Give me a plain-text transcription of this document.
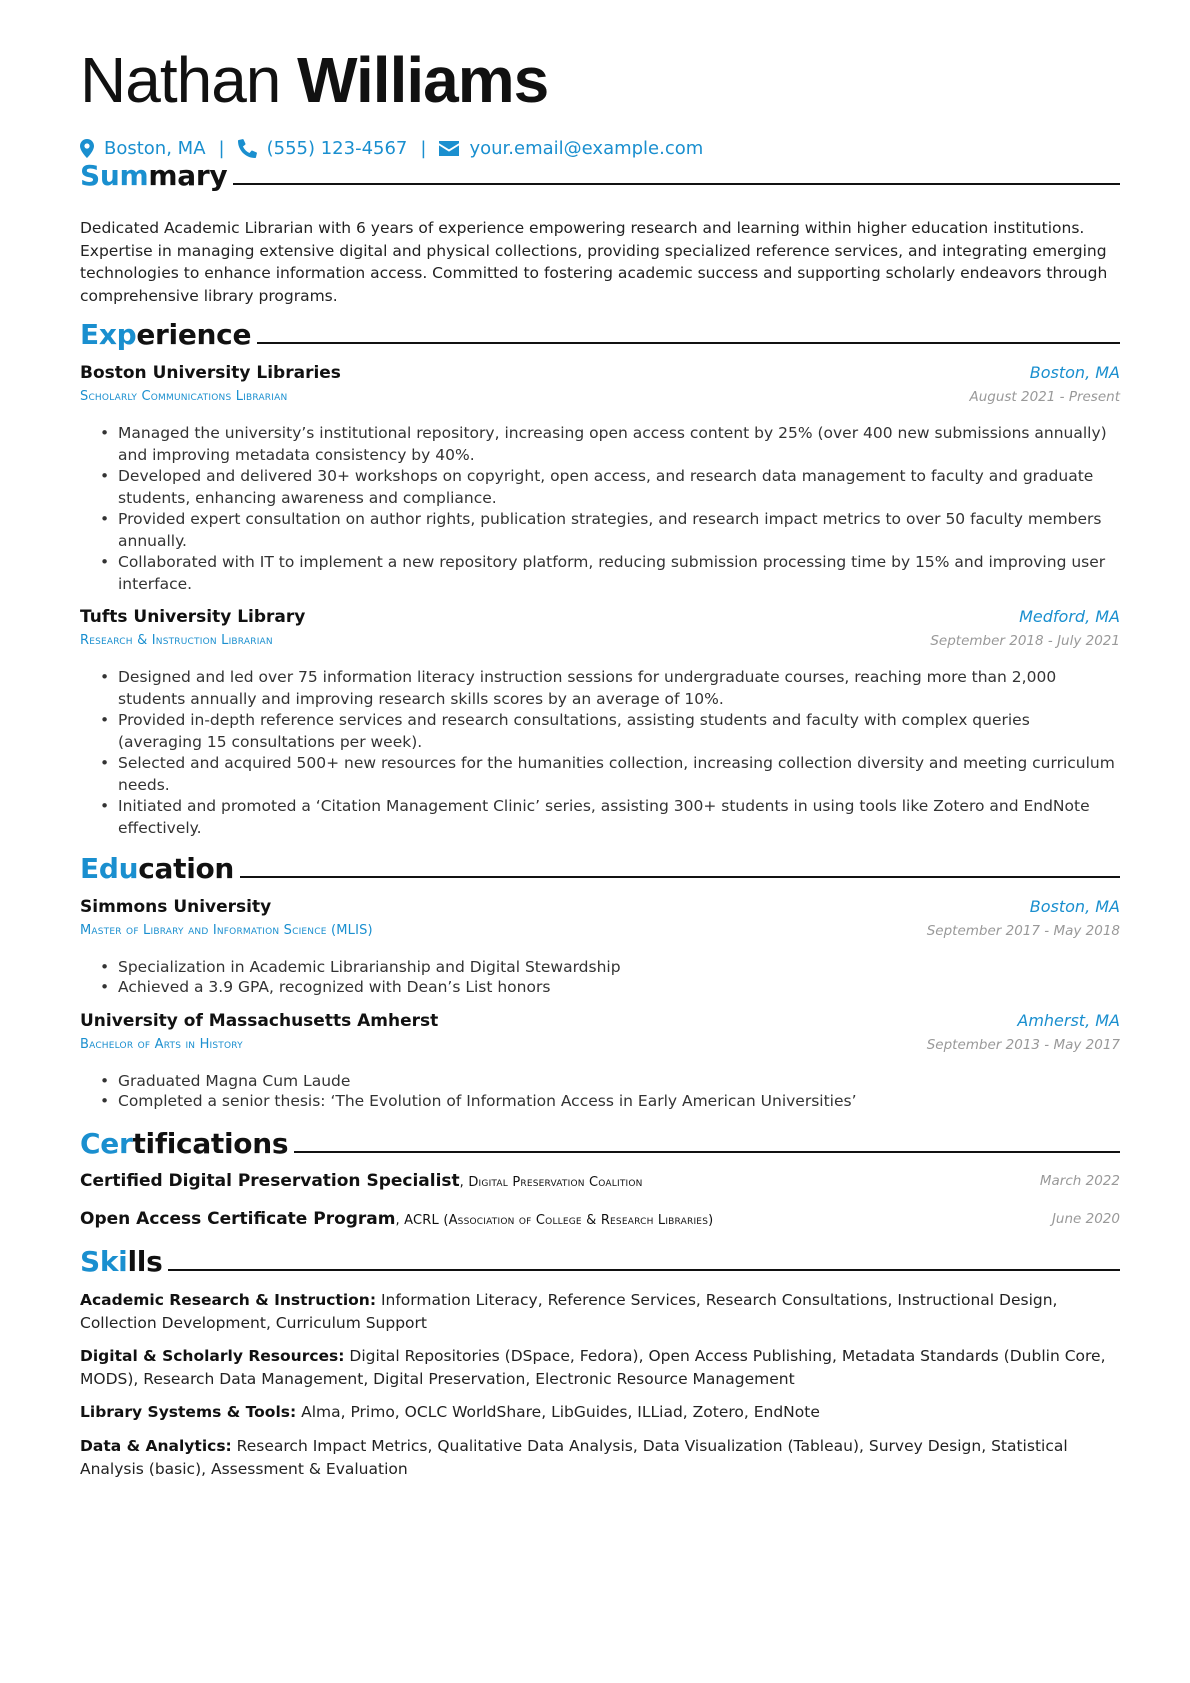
Nathan Williams
Boston, MA | (555) 123-4567 | your.email@example.com
Summary

Dedicated Academic Librarian with 6 years of experience empowering research and learning within higher education institutions. Expertise in managing extensive digital and physical collections, providing specialized reference services, and integrating emerging technologies to enhance information access. Committed to fostering academic success and supporting scholarly endeavors through comprehensive library programs.

Experience
Boston University Libraries	Boston, MA
Scholarly Communications Librarian	August 2021 - Present
• Managed the university’s institutional repository, increasing open access content by 25% (over 400 new submissions annually) and improving metadata consistency by 40%.
• Developed and delivered 30+ workshops on copyright, open access, and research data management to faculty and graduate students, enhancing awareness and compliance.
• Provided expert consultation on author rights, publication strategies, and research impact metrics to over 50 faculty members annually.
• Collaborated with IT to implement a new repository platform, reducing submission processing time by 15% and improving user interface.
Tufts University Library	Medford, MA
Research & Instruction Librarian	September 2018 - July 2021
• Designed and led over 75 information literacy instruction sessions for undergraduate courses, reaching more than 2,000 students annually and improving research skills scores by an average of 10%.
• Provided in-depth reference services and research consultations, assisting students and faculty with complex queries (averaging 15 consultations per week).
• Selected and acquired 500+ new resources for the humanities collection, increasing collection diversity and meeting curriculum needs.
• Initiated and promoted a ‘Citation Management Clinic’ series, assisting 300+ students in using tools like Zotero and EndNote effectively.
Education
Simmons University	Boston, MA
Master of Library and Information Science (MLIS)	September 2017 - May 2018
• Specialization in Academic Librarianship and Digital Stewardship
• Achieved a 3.9 GPA, recognized with Dean’s List honors
University of Massachusetts Amherst	Amherst, MA
Bachelor of Arts in History	September 2013 - May 2017
• Graduated Magna Cum Laude
• Completed a senior thesis: ‘The Evolution of Information Access in Early American Universities’
Certifications
Certified Digital Preservation Specialist, Digital Preservation Coalition	March 2022
Open Access Certificate Program, ACRL (Association of College & Research Libraries)	June 2020
Skills

Academic Research & Instruction: Information Literacy, Reference Services, Research Consultations, Instructional Design, Collection Development, Curriculum Support

Digital & Scholarly Resources: Digital Repositories (DSpace, Fedora), Open Access Publishing, Metadata Standards (Dublin Core, MODS), Research Data Management, Digital Preservation, Electronic Resource Management

Library Systems & Tools: Alma, Primo, OCLC WorldShare, LibGuides, ILLiad, Zotero, EndNote

Data & Analytics: Research Impact Metrics, Qualitative Data Analysis, Data Visualization (Tableau), Survey Design, Statistical Analysis (basic), Assessment & Evaluation
